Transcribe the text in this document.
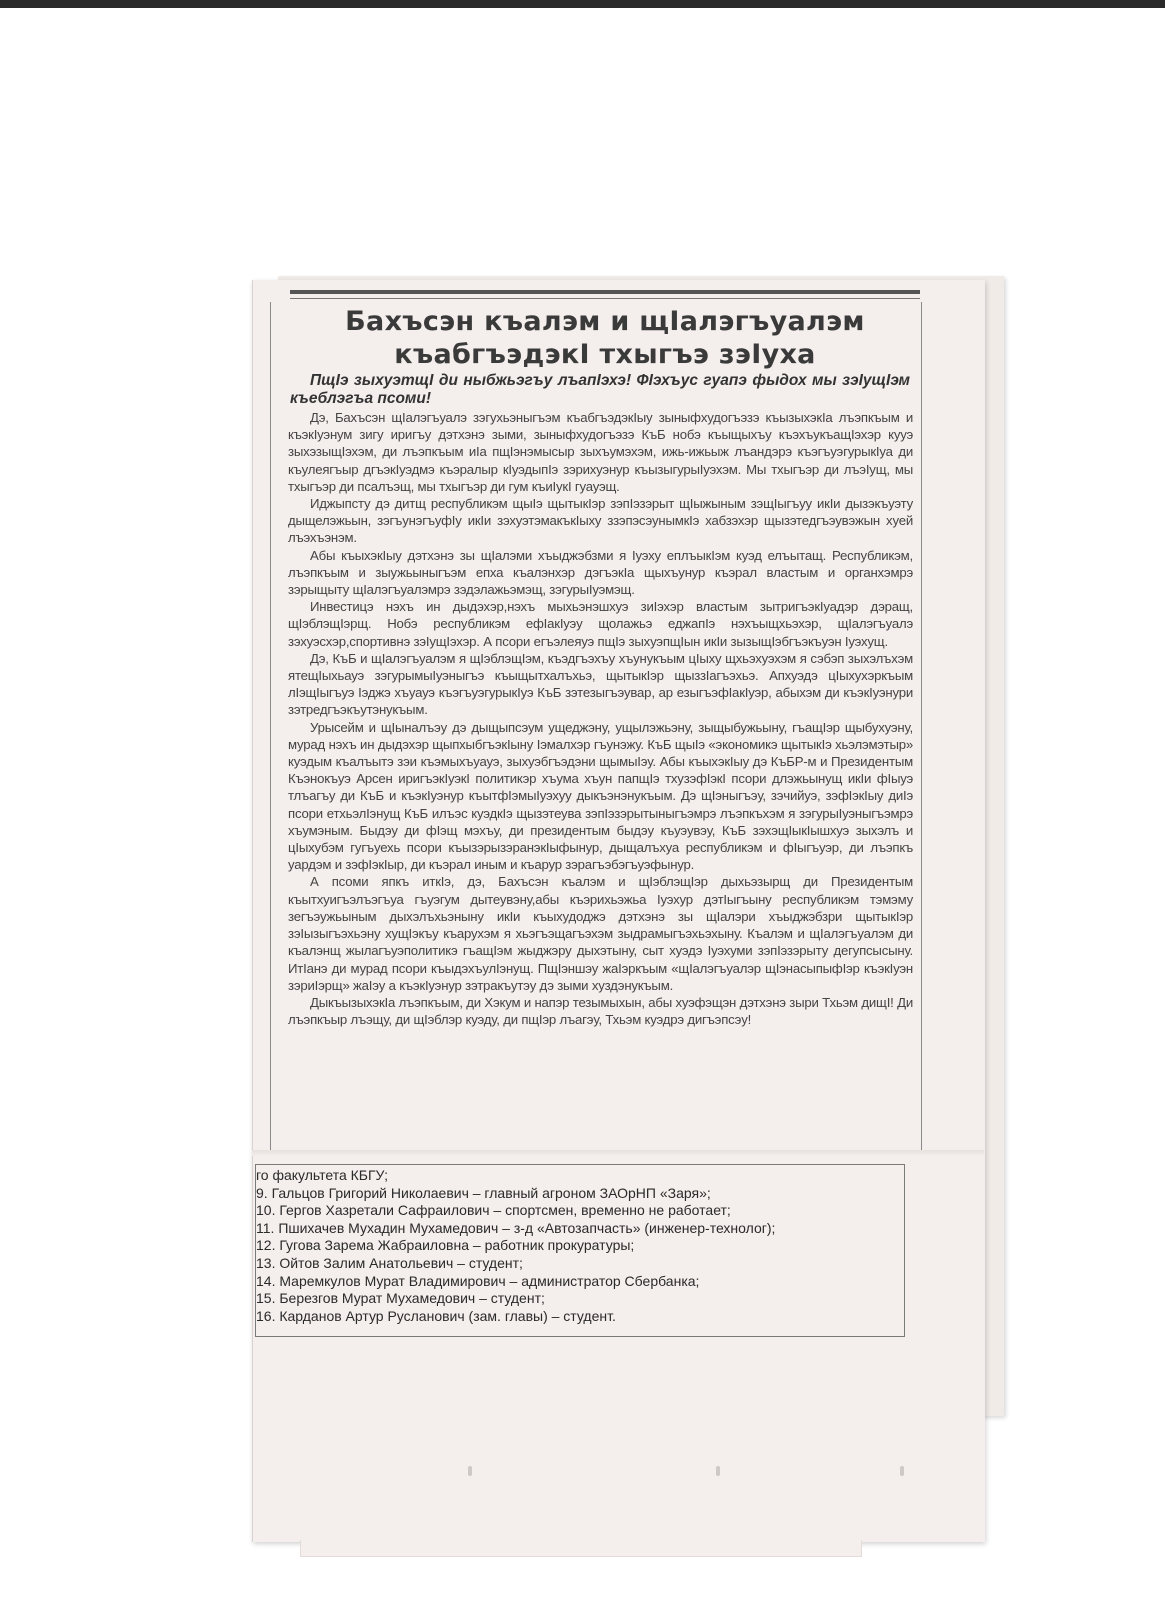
Бахъсэн къалэм и щIалэгъуалэм
къабгъэдэкI тхыгъэ зэIуха
ПщIэ зыхуэтщI ди ныбжьэгъу лъапIэхэ! ФIэхъус гуапэ фыдох мы зэIущIэм къеблэгъа псоми!

Дэ, Бахъсэн щIалэгъуалэ зэгухьэныгъэм къабгъэдэкIыу зыныфхудогъэзэ къызыхэкIа лъэпкъым и къэкIуэнум зигу иригъу дэтхэнэ зыми, зыныфхудогъэзэ КъБ нобэ къыщыхъу къэхъукъащIэхэр кууэ зыхэзыщIэхэм, ди лъэпкъым иIа пщIэнэмысыр зыхъумэхэм, ижь-ижьыж лъандэрэ къэгъуэгурыкIуа ди къулеягъыр дгъэкIуэдмэ къэралыр кIуэдыпIэ зэрихуэнур къызыгурыIуэхэм. Мы тхыгъэр ди лъэIущ, мы тхыгъэр ди псалъэщ, мы тхыгъэр ди гум къиIукI гуауэщ.

Иджыпсту дэ дитщ республикэм щыIэ щытыкIэр зэпIэзэрыт щIыжыным зэщIыгъуу икIи дызэкъуэту дыщелэжьын, зэгъунэгъуфIу икIи зэхуэтэмакъкIыху ззэпэсэунымкIэ хабзэхэр щызэтедгъэувэжын хуей лъэхъэнэм.

Абы къыхэкIыу дэтхэнэ зы щIалэми хъыджэбзми я Iуэху еплъыкIэм куэд елъытащ. Республикэм, лъэпкъым и зыужьыныгъэм епха къалэнхэр дэгъэкIа щыхъунур къэрал властым и органхэмрэ зэрыщыту щIалэгъуалэмрэ зэдэлажьэмэщ, зэгурыIуэмэщ.

Инвестицэ нэхъ ин дыдэхэр,нэхъ мыхьэнэшхуэ зиIэхэр властым зытригъэкIуадэр дэращ, щIэблэщIэрщ. Нобэ республикэм ефIакIуэу щолажьэ еджапIэ нэхъыщхьэхэр, щIалэгъуалэ зэхуэсхэр,спортивнэ зэIущIэхэр. А псори егъэлеяуэ пщIэ зыхуэпщIын икIи зызыщIэбгъэкъуэн Iуэхущ.

Дэ, КъБ и щIалэгъуалэм я щIэблэщIэм, къэдгъэхъу хъунукъым цIыху щхьэхуэхэм я сэбэп зыхэлъхэм ятещIыхьауэ зэгурымыIуэныгъэ къыщытхалъхьэ, щытыкIэр щыззIагъэхьэ. Апхуэдэ цIыхухэркъым лIэщIыгъуэ Iэджэ хъуауэ къэгъуэгурыкIуэ КъБ зэтезыгъэувар, ар езыгъэфIакIуэр, абыхэм ди къэкIуэнури зэтредгъэкъутэнукъым.

Урысейм и щIыналъэу дэ дыщыпсэум ущеджэну, ущылэжьэну, зыщыбужьыну, гъащIэр щыбухуэну, мурад нэхъ ин дыдэхэр щыпхыбгъэкIыну Iэмалхэр гъунэжу. КъБ щыIэ «экономикэ щытыкIэ хьэлэмэтыр» куэдым къалъытэ зэи къэмыхъуауэ, зыхуэбгъэдэни щымыIэу. Абы къыхэкIыу дэ КъБР-м и Президентым Къэнокъуэ Арсен иригъэкIуэкI политикэр хъума хъун папщIэ тхузэфIэкI псори длэжьынущ икIи фIыуэ тлъагъу ди КъБ и къэкIуэнур къытфIэмыIуэхуу дыкъэнэнукъым. Дэ щIэныгъэу, зэчийуэ, зэфIэкIыу диIэ псори етхьэлIэнущ КъБ илъэс куэдкIэ щызэтеува зэпIэзэрытыныгъэмрэ лъэпкъхэм я зэгурыIуэныгъэмрэ хъумэным. Быдэу ди фIэщ мэхъу, ди президентым быдэу къуэувэу, КъБ зэхэщIыкIышхуэ зыхэлъ и цIыхубэм гугъуехь псори къызэрызэранэкIыфынур, дыщалъхуа республикэм и фIыгъуэр, ди лъэпкъ уардэм и зэфIэкIыр, ди къэрал иным и къарур зэрагъэбэгъуэфынур.

А псоми япкъ иткIэ, дэ, Бахъсэн къалэм и щIэблэщIэр дыхьэзырщ ди Президентым къытхуигъэлъэгъуа гъуэгум дытеувэну,абы къэрихьэжьа Iуэхур дэтIыгъыну республикэм тэмэму зегъэужьыным дыхэлъхьэныну икIи къыхудоджэ дэтхэнэ зы щIалэри хъыджэбзри щытыкIэр зэIызыгъэхьэну хущIэкъу къарухэм я хьэгъэщагъэхэм зыдрамыгъэхьэхыну. Къалэм и щIалэгъуалэм ди къалэнщ жылагъуэполитикэ гъащIэм жыджэру дыхэтыну, сыт хуэдэ Iуэхуми зэпIэзэрыту дегупсысыну. ИтIанэ ди мурад псори къыдэхъулIэнущ. ПщIэншэу жаIэркъым «щIалэгъуалэр щIэнасыпыфIэр къэкIуэн зэриIэрщ» жаIэу а къэкIуэнур зэтракъутэу дэ зыми хуздэнукъым.

ДыкъызыхэкIа лъэпкъым, ди Хэкум и напэр тезымыхын, абы хуэфэщэн дэтхэнэ зыри Тхьэм дищI! Ди лъэпкъыр лъэщу, ди щIэблэр куэду, ди пщIэр лъагэу, Тхьэм куэдрэ дигъэпсэу!

го факультета КБГУ;
9. Гальцов Григорий Николаевич – главный агроном ЗАОрНП «Заря»;
10. Гергов Хазретали Сафраилович – спортсмен, временно не работает;
11. Пшихачев Мухадин Мухамедович – з-д «Автозапчасть» (инженер-технолог);
12. Гугова Зарема Жабраиловна – работник прокуратуры;
13. Ойтов Залим Анатольевич – студент;
14. Маремкулов Мурат Владимирович – администратор Сбербанка;
15. Березгов Мурат Мухамедович – студент;
16. Карданов Артур Русланович (зам. главы) – студент.
